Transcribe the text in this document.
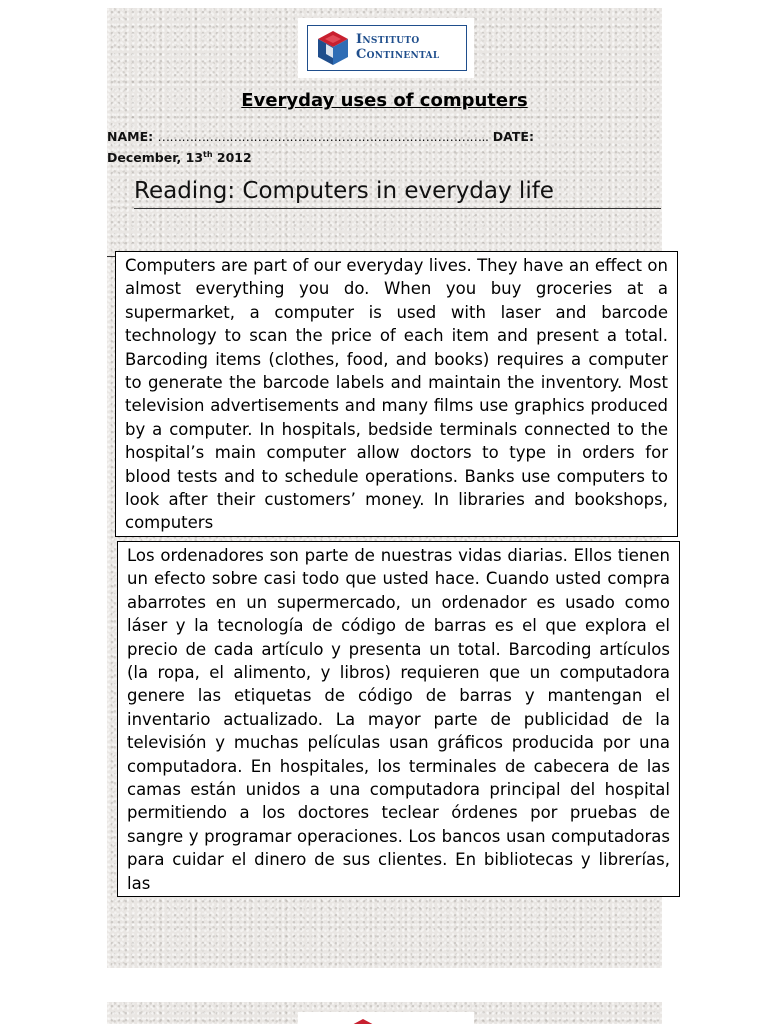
Instituto
Continental
Everyday uses of computers
NAME: ……………………………………………………………………….. DATE:
December, 13th 2012
Reading: Computers in everyday life
Computers are part of our everyday lives. They have an effect on almost everything you do. When you buy groceries at a supermarket, a computer is used with laser and barcode technology to scan the price of each item and present a total. Barcoding items (clothes, food, and books) requires a computer to generate the barcode labels and maintain the inventory. Most television advertisements and many films use graphics produced by a computer. In hospitals, bedside terminals connected to the hospital’s main computer allow doctors to type in orders for blood tests and to schedule operations. Banks use computers to look after their customers’ money. In libraries and bookshops, computers
Los ordenadores son parte de nuestras vidas diarias. Ellos tienen un efecto sobre casi todo que usted hace. Cuando usted compra abarrotes en un supermercado, un ordenador es usado como láser y la tecnología de código de barras es el que explora el precio de cada artículo y presenta un total. Barcoding artículos (la ropa, el alimento, y libros) requieren que un computadora genere las etiquetas de código de barras y mantengan el inventario actualizado. La mayor parte de publicidad de la televisión y muchas películas usan gráficos producida por una computadora. En hospitales, los terminales de cabecera de las camas están unidos a una computadora principal del hospital permitiendo a los doctores teclear órdenes por pruebas de sangre y programar operaciones. Los bancos usan computadoras para cuidar el dinero de sus clientes. En bibliotecas y librerías, las
